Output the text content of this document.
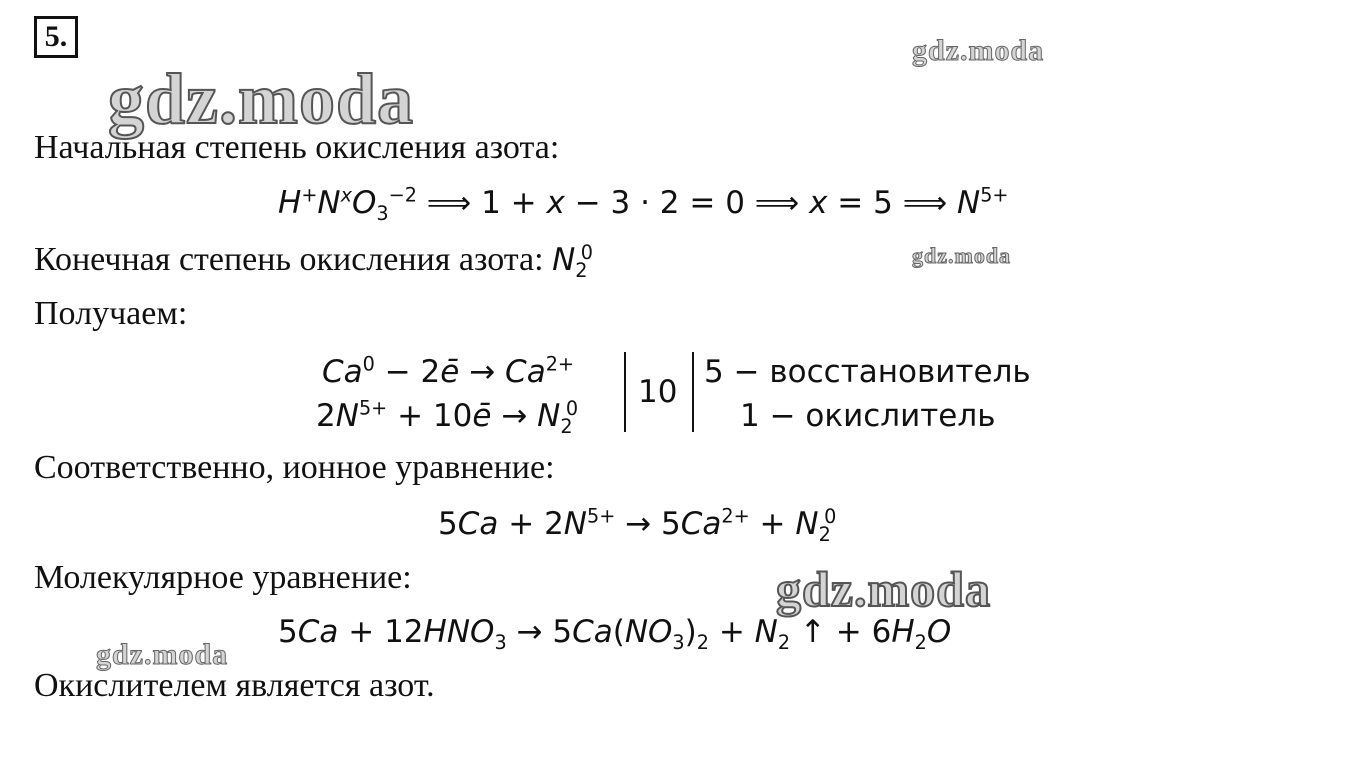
gdz.moda
gdz.moda
gdz.moda
gdz.moda
gdz.moda
5.
Начальная степень окисления азота:
$H^+N^xO_3^{-2}$ ⟹ 1 + x − 3 · 2 = 0 ⟹ x = 5 ⟹ $N^{5+}$
Конечная степень окисления азота: $N_2^0$
Получаем:
$Ca^0$ − 2ē → $Ca^{2+}$
$2N^{5+}$ + 10ē → $N_2^0$ 10
5 − восстановитель
1 − окислитель
Соответственно, ионное уравнение:
$5Ca + 2N^{5+} \to 5Ca^{2+} + N_2^0$
Молекулярное уравнение:
$5Ca + 12HNO_3 \to 5Ca(NO_3)_2 + N_2$ ↑ + $6H_2O$
Окислителем является азот.
